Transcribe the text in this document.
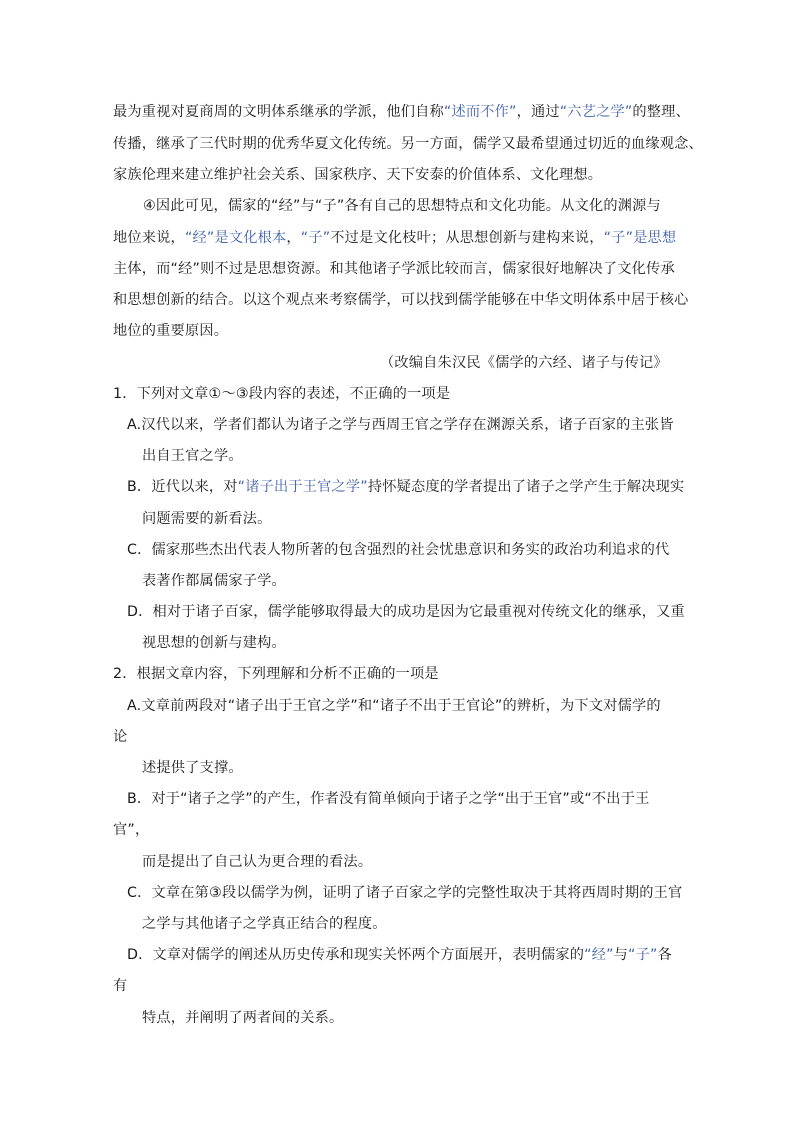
最为重视对夏商周的文明体系继承的学派，他们自称“述而不作”，通过“六艺之学”的整理、
传播，继承了三代时期的优秀华夏文化传统。另一方面，儒学又最希望通过切近的血缘观念、
家族伦理来建立维护社会关系、国家秩序、天下安泰的价值体系、文化理想。
④因此可见，儒家的“经”与“子”各有自己的思想特点和文化功能。从文化的渊源与
地位来说，“经”是文化根本，“子”不过是文化枝叶；从思想创新与建构来说，“子”是思想
主体，而“经”则不过是思想资源。和其他诸子学派比较而言，儒家很好地解决了文化传承
和思想创新的结合。以这个观点来考察儒学，可以找到儒学能够在中华文明体系中居于核心
地位的重要原因。
（改编自朱汉民《儒学的六经、诸子与传记》
1．下列对文章①～③段内容的表述，不正确的一项是
A.汉代以来，学者们都认为诸子之学与西周王官之学存在渊源关系，诸子百家的主张皆
出自王官之学。
B．近代以来，对“诸子出于王官之学”持怀疑态度的学者提出了诸子之学产生于解决现实
问题需要的新看法。
C．儒家那些杰出代表人物所著的包含强烈的社会忧患意识和务实的政治功利追求的代
表著作都属儒家子学。
D．相对于诸子百家，儒学能够取得最大的成功是因为它最重视对传统文化的继承，又重
视思想的创新与建构。
2．根据文章内容，下列理解和分析不正确的一项是
A.文章前两段对“诸子出于王官之学”和“诸子不出于王官论”的辨析，为下文对儒学的
论
述提供了支撑。
B．对于“诸子之学”的产生，作者没有简单倾向于诸子之学“出于王官”或“不出于王
官”，
而是提出了自己认为更合理的看法。
C．文章在第③段以儒学为例，证明了诸子百家之学的完整性取决于其将西周时期的王官
之学与其他诸子之学真正结合的程度。
D．文章对儒学的阐述从历史传承和现实关怀两个方面展开，表明儒家的“经”与“子”各
有
特点，并阐明了两者间的关系。
